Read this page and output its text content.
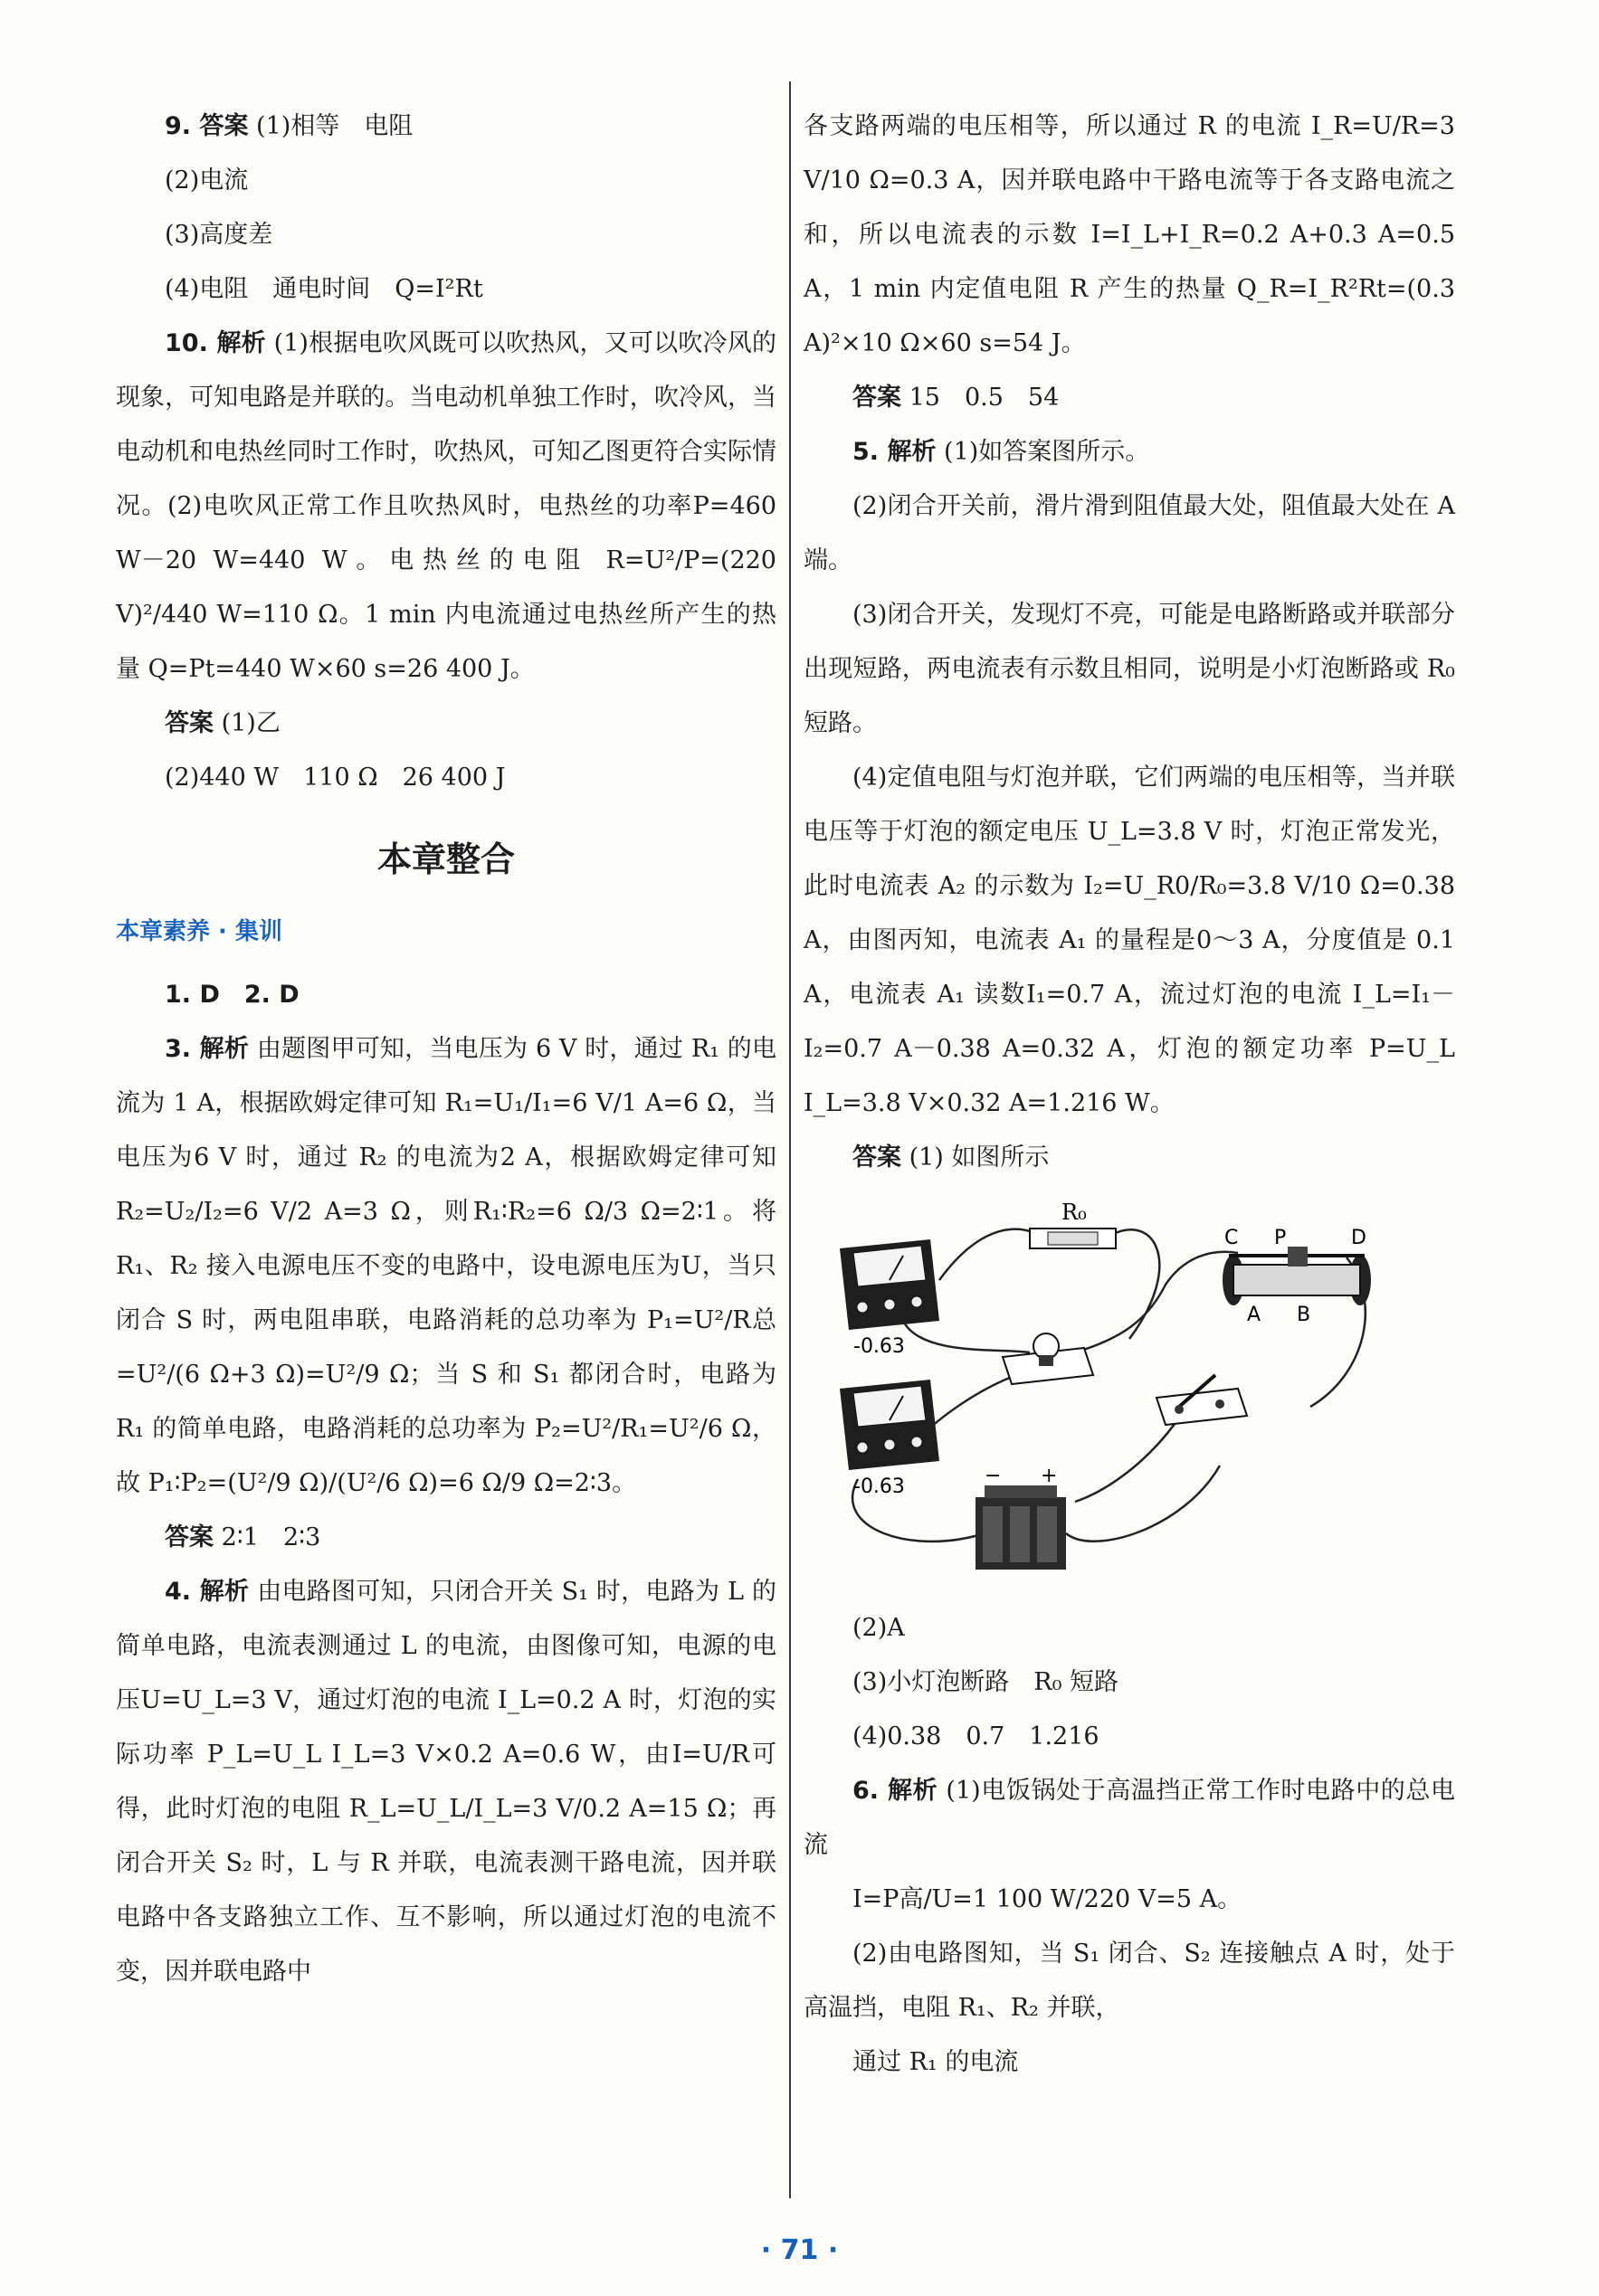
9. 答案 (1)相等　电阻

(2)电流

(3)高度差

(4)电阻　通电时间　Q=I²Rt

10. 解析 (1)根据电吹风既可以吹热风，又可以吹冷风的现象，可知电路是并联的。当电动机单独工作时，吹冷风，当电动机和电热丝同时工作时，吹热风，可知乙图更符合实际情况。(2)电吹风正常工作且吹热风时，电热丝的功率P=460 W－20 W=440 W。电热丝的电阻 R=U²/P=(220 V)²/440 W=110 Ω。1 min 内电流通过电热丝所产生的热量 Q=Pt=440 W×60 s=26 400 J。

答案 (1)乙

(2)440 W　110 Ω　26 400 J

本章整合
本章素养 · 集训

1. D　2. D

3. 解析 由题图甲可知，当电压为 6 V 时，通过 R₁ 的电流为 1 A，根据欧姆定律可知 R₁=U₁/I₁=6 V/1 A=6 Ω，当电压为6 V 时，通过 R₂ 的电流为2 A，根据欧姆定律可知 R₂=U₂/I₂=6 V/2 A=3 Ω，则R₁∶R₂=6 Ω/3 Ω=2∶1。将 R₁、R₂ 接入电源电压不变的电路中，设电源电压为U，当只闭合 S 时，两电阻串联，电路消耗的总功率为 P₁=U²/R总=U²/(6 Ω+3 Ω)=U²/9 Ω；当 S 和 S₁ 都闭合时，电路为 R₁ 的简单电路，电路消耗的总功率为 P₂=U²/R₁=U²/6 Ω，故 P₁∶P₂=(U²/9 Ω)/(U²/6 Ω)=6 Ω/9 Ω=2∶3。

答案 2∶1　2∶3

4. 解析 由电路图可知，只闭合开关 S₁ 时，电路为 L 的简单电路，电流表测通过 L 的电流，由图像可知，电源的电压U=U_L=3 V，通过灯泡的电流 I_L=0.2 A 时，灯泡的实际功率 P_L=U_L I_L=3 V×0.2 A=0.6 W，由I=U/R可得，此时灯泡的电阻 R_L=U_L/I_L=3 V/0.2 A=15 Ω；再闭合开关 S₂ 时，L 与 R 并联，电流表测干路电流，因并联电路中各支路独立工作、互不影响，所以通过灯泡的电流不变，因并联电路中

各支路两端的电压相等，所以通过 R 的电流 I_R=U/R=3 V/10 Ω=0.3 A，因并联电路中干路电流等于各支路电流之和，所以电流表的示数 I=I_L+I_R=0.2 A+0.3 A=0.5 A，1 min 内定值电阻 R 产生的热量 Q_R=I_R²Rt=(0.3 A)²×10 Ω×60 s=54 J。

答案 15　0.5　54

5. 解析 (1)如答案图所示。

(2)闭合开关前，滑片滑到阻值最大处，阻值最大处在 A 端。

(3)闭合开关，发现灯不亮，可能是电路断路或并联部分出现短路，两电流表有示数且相同，说明是小灯泡断路或 R₀ 短路。

(4)定值电阻与灯泡并联，它们两端的电压相等，当并联电压等于灯泡的额定电压 U_L=3.8 V 时，灯泡正常发光，此时电流表 A₂ 的示数为 I₂=U_R0/R₀=3.8 V/10 Ω=0.38 A，由图丙知，电流表 A₁ 的量程是0～3 A，分度值是 0.1 A，电流表 A₁ 读数I₁=0.7 A，流过灯泡的电流 I_L=I₁－I₂=0.7 A－0.38 A=0.32 A，灯泡的额定功率 P=U_L I_L=3.8 V×0.32 A=1.216 W。

答案 (1) 如图所示

-0.63
R₀
-0.63
C P	D
A B
− +

(2)A

(3)小灯泡断路　R₀ 短路

(4)0.38　0.7　1.216

6. 解析 (1)电饭锅处于高温挡正常工作时电路中的总电流

I=P高/U=1 100 W/220 V=5 A。

(2)由电路图知，当 S₁ 闭合、S₂ 连接触点 A 时，处于高温挡，电阻 R₁、R₂ 并联，

通过 R₁ 的电流

· 71 ·
